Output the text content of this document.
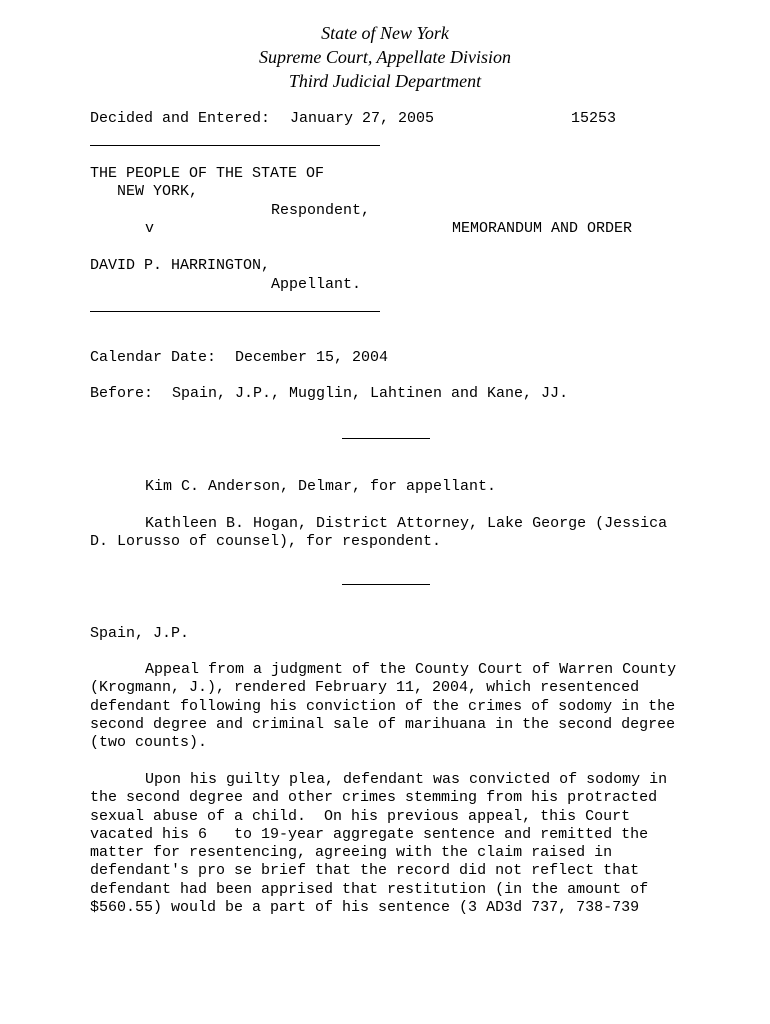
State of New York
Supreme Court, Appellate Division
Third Judicial Department
Decided and Entered: January 27, 2005	15253
THE PEOPLE OF THE STATE OF
NEW YORK,
Respondent,
v	MEMORANDUM AND ORDER
DAVID P. HARRINGTON,
Appellant.
Calendar Date: December 15, 2004
Before: Spain, J.P., Mugglin, Lahtinen and Kane, JJ.
Kim C. Anderson, Delmar, for appellant.
Kathleen B. Hogan, District Attorney, Lake George (Jessica
D. Lorusso of counsel), for respondent.
Spain, J.P.
Appeal from a judgment of the County Court of Warren County
(Krogmann, J.), rendered February 11, 2004, which resentenced
defendant following his conviction of the crimes of sodomy in the
second degree and criminal sale of marihuana in the second degree
(two counts).
Upon his guilty plea, defendant was convicted of sodomy in
the second degree and other crimes stemming from his protracted
sexual abuse of a child.  On his previous appeal, this Court
vacated his 6   to 19-year aggregate sentence and remitted the
matter for resentencing, agreeing with the claim raised in
defendant's pro se brief that the record did not reflect that
defendant had been apprised that restitution (in the amount of
$560.55) would be a part of his sentence (3 AD3d 737, 738-739
